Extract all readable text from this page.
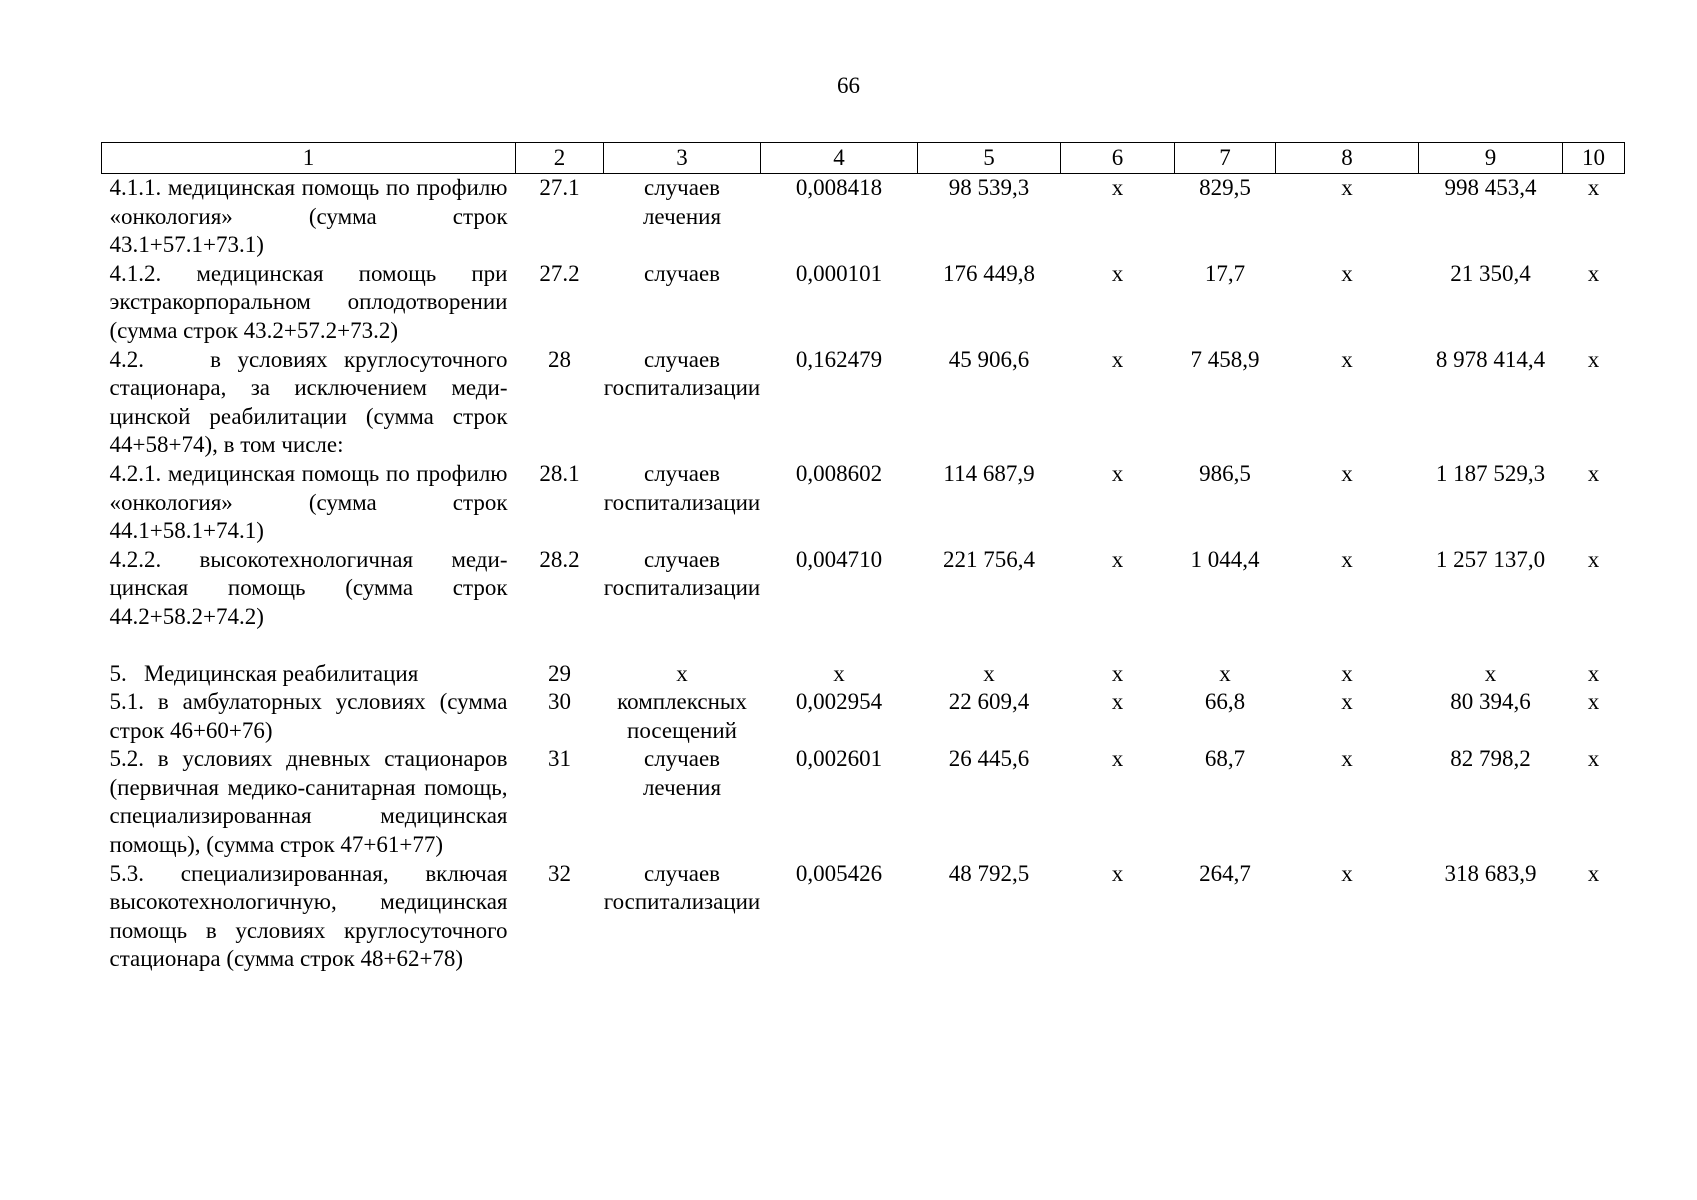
66
1	2	3	4	5	6	7	8	9	10
4.1.1. медицинская помощь по профилю «онкология» (сумма строк 43.1+57.1+73.1)	27.1	случаев лечения	0,008418	98 539,3	х	829,5	х	998 453,4	х
4.1.2. медицинская помощь при экстракорпоральном оплодотворении (сумма строк 43.2+57.2+73.2)	27.2	случаев	0,000101	176 449,8	х	17,7	х	21 350,4	х
4.2.    в условиях круглосуточного стационара, за исключением медицинской реабилитации (сумма строк 44+58+74), в том числе:	28	случаев госпитализации	0,162479	45 906,6	х	7 458,9	х	8 978 414,4	х
4.2.1. медицинская помощь по профилю «онкология» (сумма строк 44.1+58.1+74.1)	28.1	случаев госпитализации	0,008602	114 687,9	х	986,5	х	1 187 529,3	х
4.2.2. высокотехнологичная медицинская помощь (сумма строк 44.2+58.2+74.2)	28.2	случаев госпитализации	0,004710	221 756,4	х	1 044,4	х	1 257 137,0	х

5.   Медицинская реабилитация	29	х	х	х	х	х	х	х	х
5.1. в амбулаторных условиях (сумма строк 46+60+76)	30	комплексных посещений	0,002954	22 609,4	х	66,8	х	80 394,6	х
5.2. в условиях дневных стационаров (первичная медико-санитарная помощь, специализированная медицинская помощь), (сумма строк 47+61+77)	31	случаев лечения	0,002601	26 445,6	х	68,7	х	82 798,2	х
5.3. специализированная, включая высокотехнологичную, медицинская помощь в условиях круглосуточного стационара (сумма строк 48+62+78)	32	случаев госпитализации	0,005426	48 792,5	х	264,7	х	318 683,9	х
